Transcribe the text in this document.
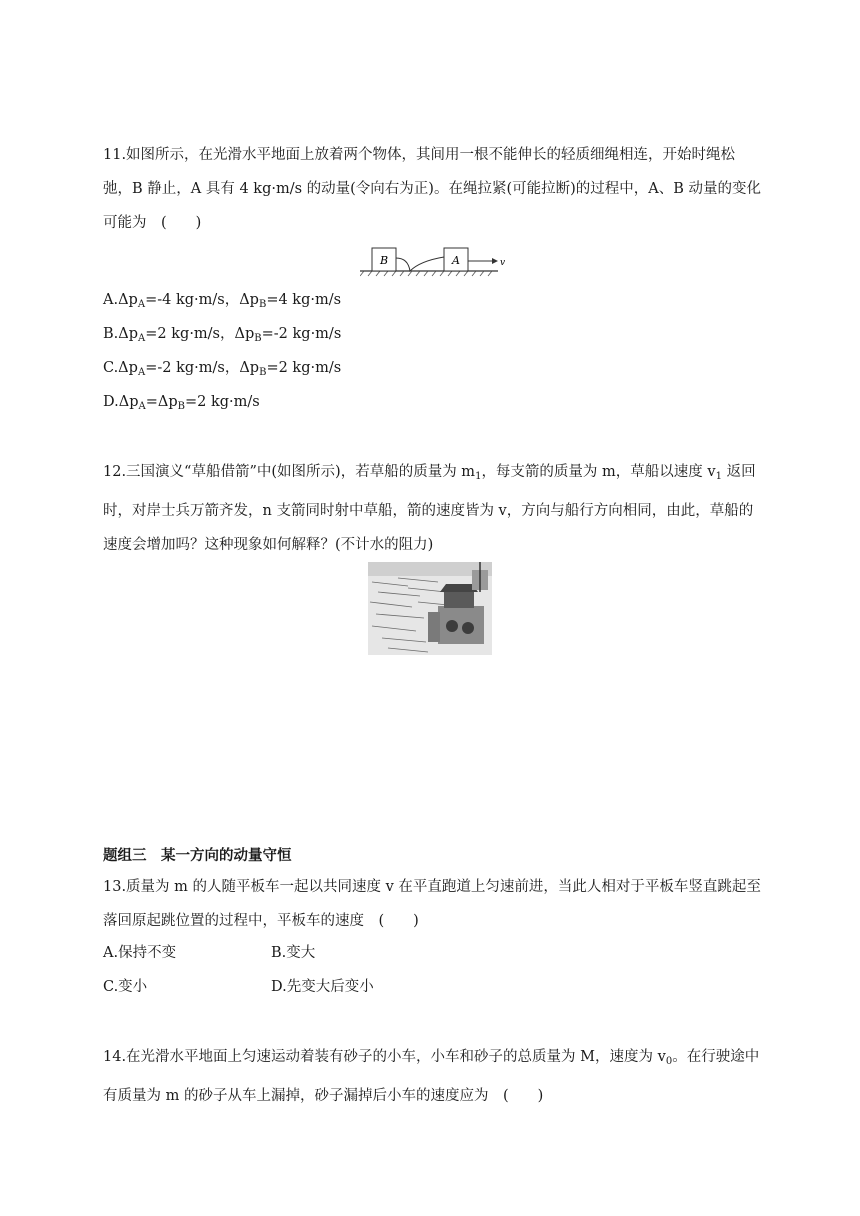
11.如图所示，在光滑水平地面上放着两个物体，其间用一根不能伸长的轻质细绳相连，开始时绳松弛，B 静止，A 具有 4 kg·m/s 的动量(令向右为正)。在绳拉紧(可能拉断)的过程中，A、B 动量的变化可能为　(　　)
B	A	v
$A.\Delta p_A=-4$ kg·m/s，$\Delta p_B=4$ kg·m/s
$B.\Delta p_A=2$ kg·m/s，$\Delta p_B=-2$ kg·m/s
$C.\Delta p_A=-2$ kg·m/s，$\Delta p_B=2$ kg·m/s
$D.\Delta p_A=\Delta p_B=2$ kg·m/s
12.三国演义“草船借箭”中(如图所示)，若草船的质量为 $m_1$，每支箭的质量为 m，草船以速度 $v_1$ 返回时，对岸士兵万箭齐发，n 支箭同时射中草船，箭的速度皆为 v，方向与船行方向相同，由此，草船的速度会增加吗？这种现象如何解释？(不计水的阻力)
题组三　某一方向的动量守恒
13.质量为 m 的人随平板车一起以共同速度 v 在平直跑道上匀速前进，当此人相对于平板车竖直跳起至落回原起跳位置的过程中，平板车的速度　(　　)
A.保持不变	B.变大
C.变小	D.先变大后变小
14.在光滑水平地面上匀速运动着装有砂子的小车，小车和砂子的总质量为 M，速度为 $v_0$。在行驶途中有质量为 m 的砂子从车上漏掉，砂子漏掉后小车的速度应为　(　　)
